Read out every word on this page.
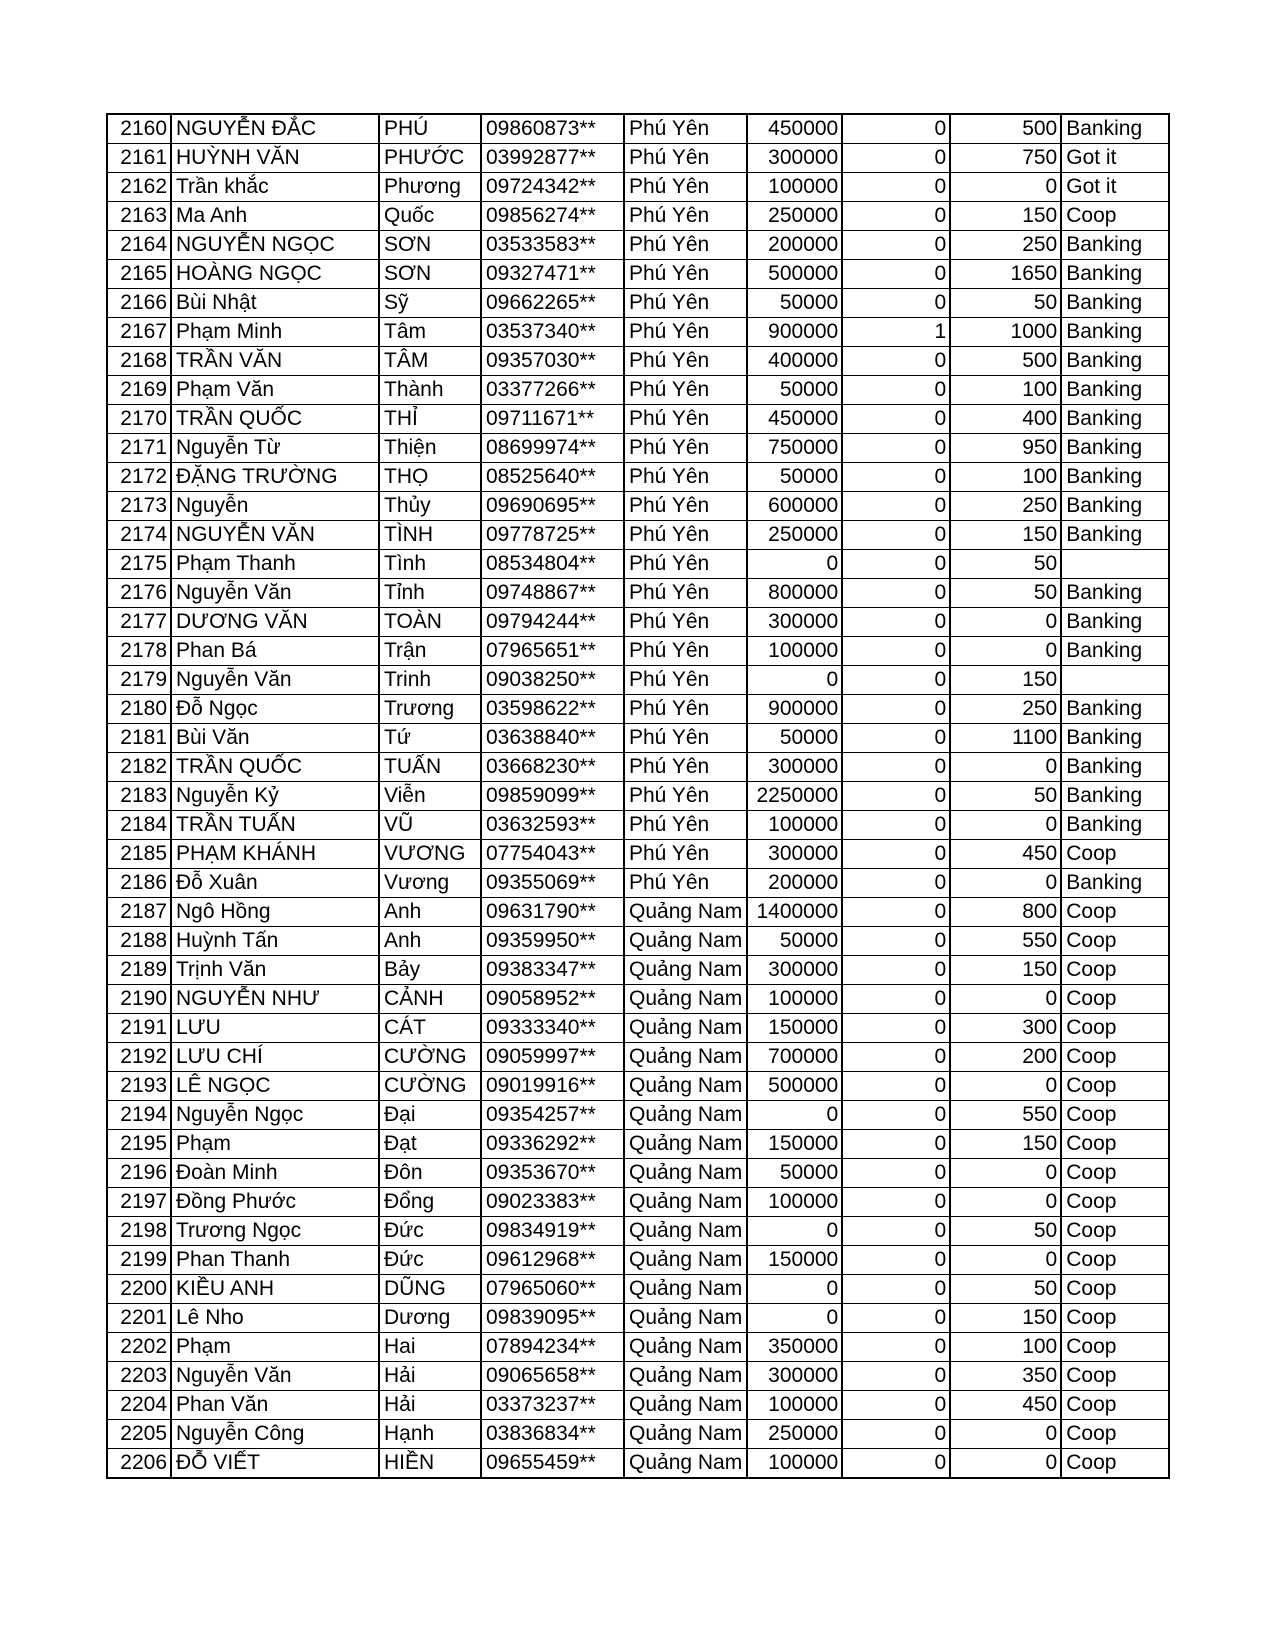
2160	NGUYỄN ĐẮC	PHÚ	09860873**	Phú Yên	450000	0	500	Banking
2161	HUỲNH VĂN	PHƯỚC	03992877**	Phú Yên	300000	0	750	Got it
2162	Trần khắc	Phương	09724342**	Phú Yên	100000	0	0	Got it
2163	Ma Anh	Quốc	09856274**	Phú Yên	250000	0	150	Coop
2164	NGUYỄN NGỌC	SƠN	03533583**	Phú Yên	200000	0	250	Banking
2165	HOÀNG NGỌC	SƠN	09327471**	Phú Yên	500000	0	1650	Banking
2166	Bùi Nhật	Sỹ	09662265**	Phú Yên	50000	0	50	Banking
2167	Phạm Minh	Tâm	03537340**	Phú Yên	900000	1	1000	Banking
2168	TRẦN VĂN	TÂM	09357030**	Phú Yên	400000	0	500	Banking
2169	Phạm Văn	Thành	03377266**	Phú Yên	50000	0	100	Banking
2170	TRẦN QUỐC	THỈ	09711671**	Phú Yên	450000	0	400	Banking
2171	Nguyễn Từ	Thiện	08699974**	Phú Yên	750000	0	950	Banking
2172	ĐẶNG TRƯỜNG	THỌ	08525640**	Phú Yên	50000	0	100	Banking
2173	Nguyễn	Thủy	09690695**	Phú Yên	600000	0	250	Banking
2174	NGUYỄN VĂN	TÌNH	09778725**	Phú Yên	250000	0	150	Banking
2175	Phạm Thanh	Tình	08534804**	Phú Yên	0	0	50	
2176	Nguyễn Văn	Tỉnh	09748867**	Phú Yên	800000	0	50	Banking
2177	DƯƠNG VĂN	TOÀN	09794244**	Phú Yên	300000	0	0	Banking
2178	Phan Bá	Trận	07965651**	Phú Yên	100000	0	0	Banking
2179	Nguyễn Văn	Trinh	09038250**	Phú Yên	0	0	150	
2180	Đỗ Ngọc	Trương	03598622**	Phú Yên	900000	0	250	Banking
2181	Bùi Văn	Tứ	03638840**	Phú Yên	50000	0	1100	Banking
2182	TRẦN QUỐC	TUẤN	03668230**	Phú Yên	300000	0	0	Banking
2183	Nguyễn Kỷ	Viễn	09859099**	Phú Yên	2250000	0	50	Banking
2184	TRẦN TUẤN	VŨ	03632593**	Phú Yên	100000	0	0	Banking
2185	PHẠM KHÁNH	VƯƠNG	07754043**	Phú Yên	300000	0	450	Coop
2186	Đỗ Xuân	Vương	09355069**	Phú Yên	200000	0	0	Banking
2187	Ngô Hồng	Anh	09631790**	Quảng Nam	1400000	0	800	Coop
2188	Huỳnh Tấn	Anh	09359950**	Quảng Nam	50000	0	550	Coop
2189	Trịnh Văn	Bảy	09383347**	Quảng Nam	300000	0	150	Coop
2190	NGUYỄN NHƯ	CẢNH	09058952**	Quảng Nam	100000	0	0	Coop
2191	LƯU	CÁT	09333340**	Quảng Nam	150000	0	300	Coop
2192	LƯU CHÍ	CƯỜNG	09059997**	Quảng Nam	700000	0	200	Coop
2193	LÊ NGỌC	CƯỜNG	09019916**	Quảng Nam	500000	0	0	Coop
2194	Nguyễn Ngọc	Đại	09354257**	Quảng Nam	0	0	550	Coop
2195	Phạm	Đạt	09336292**	Quảng Nam	150000	0	150	Coop
2196	Đoàn Minh	Đôn	09353670**	Quảng Nam	50000	0	0	Coop
2197	Đồng Phước	Đổng	09023383**	Quảng Nam	100000	0	0	Coop
2198	Trương Ngọc	Đức	09834919**	Quảng Nam	0	0	50	Coop
2199	Phan Thanh	Đức	09612968**	Quảng Nam	150000	0	0	Coop
2200	KIỀU ANH	DŨNG	07965060**	Quảng Nam	0	0	50	Coop
2201	Lê Nho	Dương	09839095**	Quảng Nam	0	0	150	Coop
2202	Phạm	Hai	07894234**	Quảng Nam	350000	0	100	Coop
2203	Nguyễn Văn	Hải	09065658**	Quảng Nam	300000	0	350	Coop
2204	Phan Văn	Hải	03373237**	Quảng Nam	100000	0	450	Coop
2205	Nguyễn Công	Hạnh	03836834**	Quảng Nam	250000	0	0	Coop
2206	ĐỖ VIẾT	HIỀN	09655459**	Quảng Nam	100000	0	0	Coop
